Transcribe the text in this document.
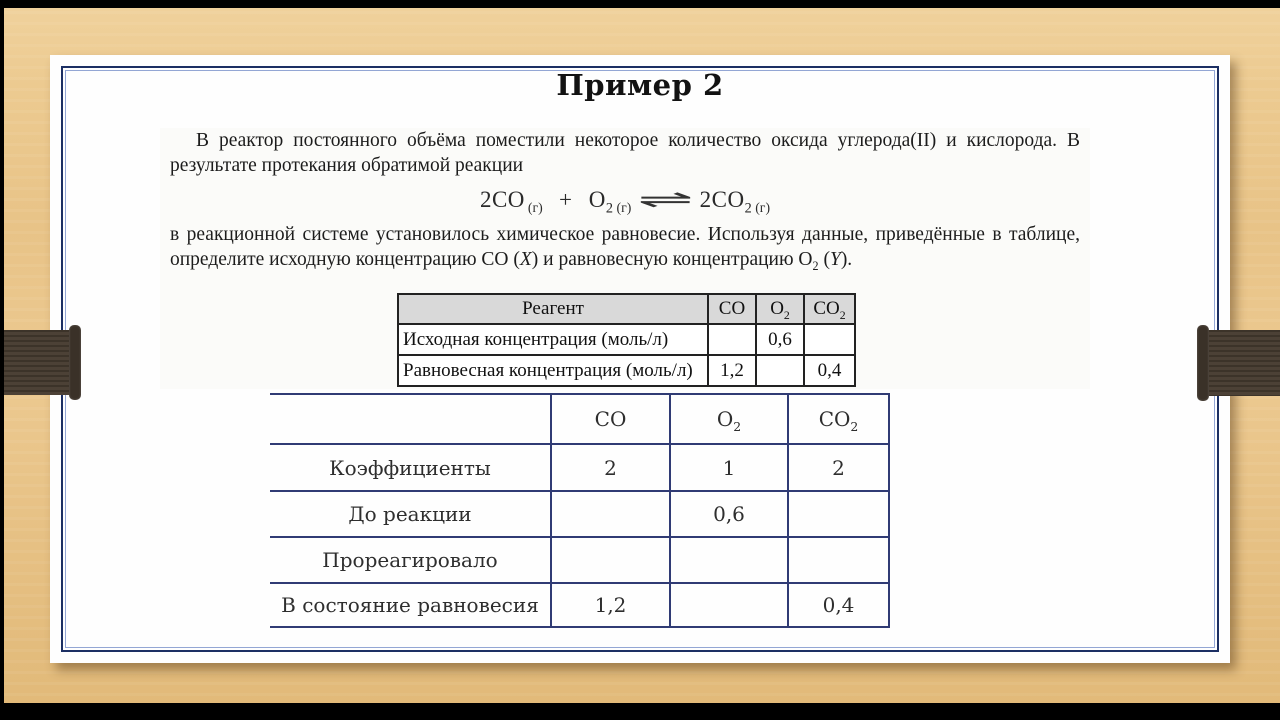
Пример 2

В реактор постоянного объёма поместили некоторое количество оксида углерода(II) и кислорода. В результате протекания обратимой реакции

2CO $_{(г)} + O_2$ $_{(г)}$ ⇌ $2CO_2$ $_{(г)}$

в реакционной системе установилось химическое равновесие. Используя данные, приведённые в таблице, определите исходную концентрацию CO (X) и равновесную концентрацию $O_2$ (Y).

Реагент	CO	$O_2$	$CO_2$
Исходная концентрация (моль/л)		0,6	
Равновесная концентрация (моль/л)	1,2		0,4
	CO	$O_2$	$CO_2$
Коэффициенты	2	1	2
До реакции		0,6	
Прореагировало			
В состояние равновесия	1,2		0,4
